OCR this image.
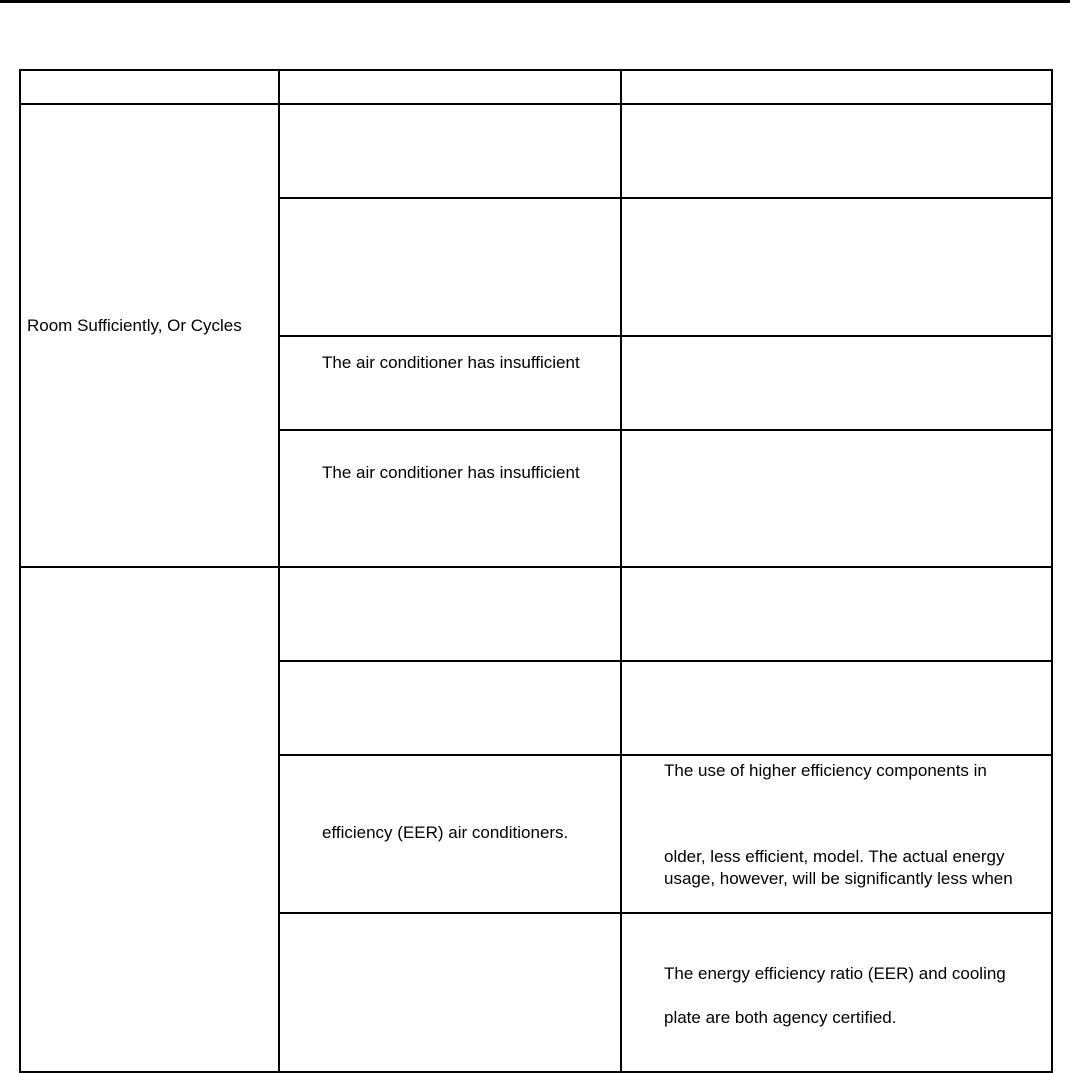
Room Sufficiently, Or Cycles
The air conditioner has insufficient
The air conditioner has insufficient
efficiency (EER) air conditioners.
The use of higher efficiency components in
older, less efficient, model. The actual energy
usage, however, will be significantly less when
The energy efficiency ratio (EER) and cooling
plate are both agency certified.
